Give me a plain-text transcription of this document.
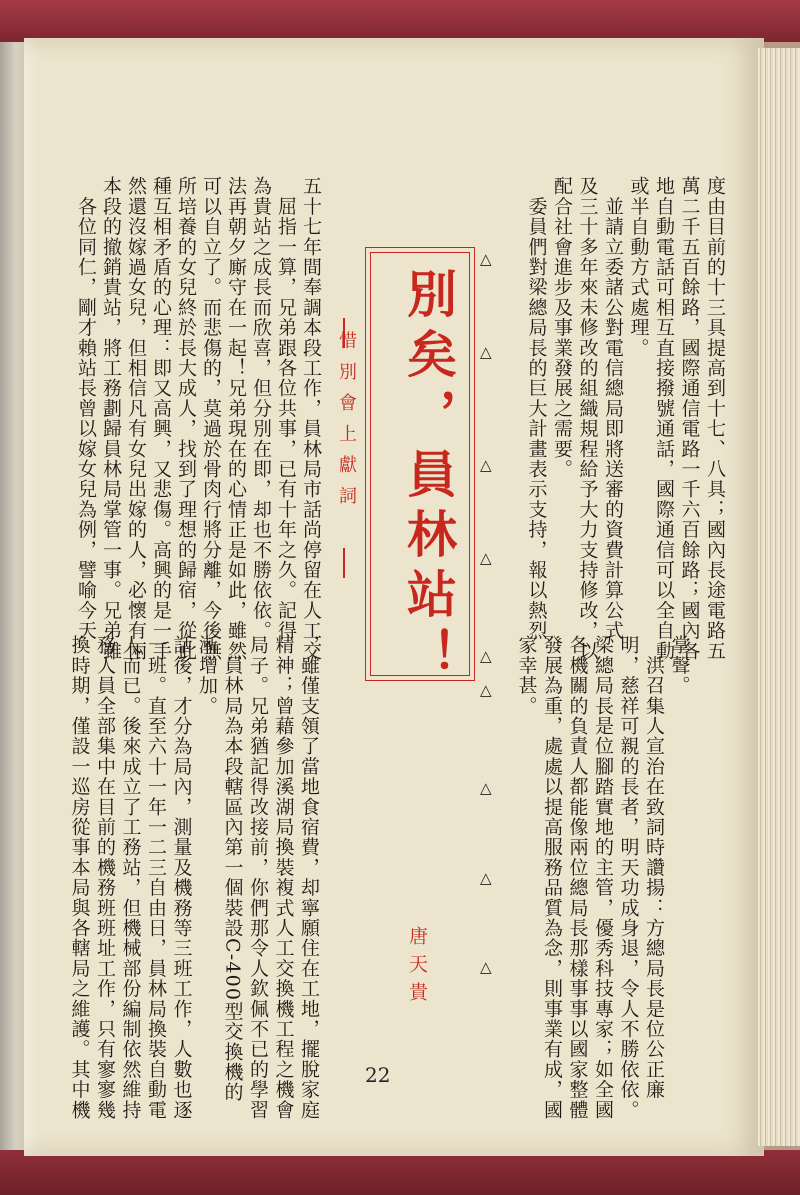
度由目前的十三具提高到十七、八具；國內長途電路五
萬二千五百餘路，國際通信電路一千六百餘路；國內各
地自動電話可相互直接撥號通話，國際通信可以全自動
或半自動方式處理。
　並請立委諸公對電信總局即將送審的資費計算公式
及三十多年來未修改的組織規程給予大力支持修改，以
配合社會進步及事業發展之需要。
　委員們對梁總局長的巨大計畫表示支持，報以熱烈
掌聲。
　洪召集人宣治在致詞時讚揚：方總局長是位公正廉
明，慈祥可親的長者，明天功成身退，令人不勝依依。
梁總局長是位腳踏實地的主管，優秀科技專家；如全國
各機關的負責人都能像兩位總局長那樣事事以國家整體
發展為重，處處以提高服務品質為念，則事業有成，國
家幸甚。
△
△
△
△
△
△
△
△
△
別矣，員林站！
惜別會上獻詞
唐天貴
五十七年間奉調本段工作，員林局市話尚停留在人工交
　屈指一算，兄弟跟各位共事，已有十年之久。記得
為貴站之成長而欣喜，但分別在即，却也不勝依依。
法再朝夕廝守在一起！兄弟現在的心情正是如此，雖然
可以自立了。而悲傷的，莫過於骨肉行將分離，今後無
所培養的女兒終於長大成人，找到了理想的歸宿，從此
種互相矛盾的心理：即又高興，又悲傷。高興的是一手
然還沒嫁過女兒，但相信凡有女兒出嫁的人，必懷有兩
本段的撤銷貴站，將工務劃歸員林局掌管一事。兄弟雖
　各位同仁，剛才賴站長曾以嫁女兒為例，譬喻今天
，雖僅支領了當地食宿費，却寧願住在工地，擺脫家庭
精神；曾藉參加溪湖局換裝複式人工交換機工程之機會
局子。兄弟猶記得改接前，你們那令人欽佩不已的學習
　員林局為本段轄區內第一個裝設C-400型交換機的
漸增加。
話後，才分為局內，測量及機務等三班工作，人數也逐
一班。直至六十一年一二三自由日，員林局換裝自動電
人而已。後來成立了工務站，但機械部份編制依然維持
務人員全部集中在目前的機務班班址工作，只有寥寥幾
換時期，僅設一巡房從事本局與各轄局之維護。其中機	22
